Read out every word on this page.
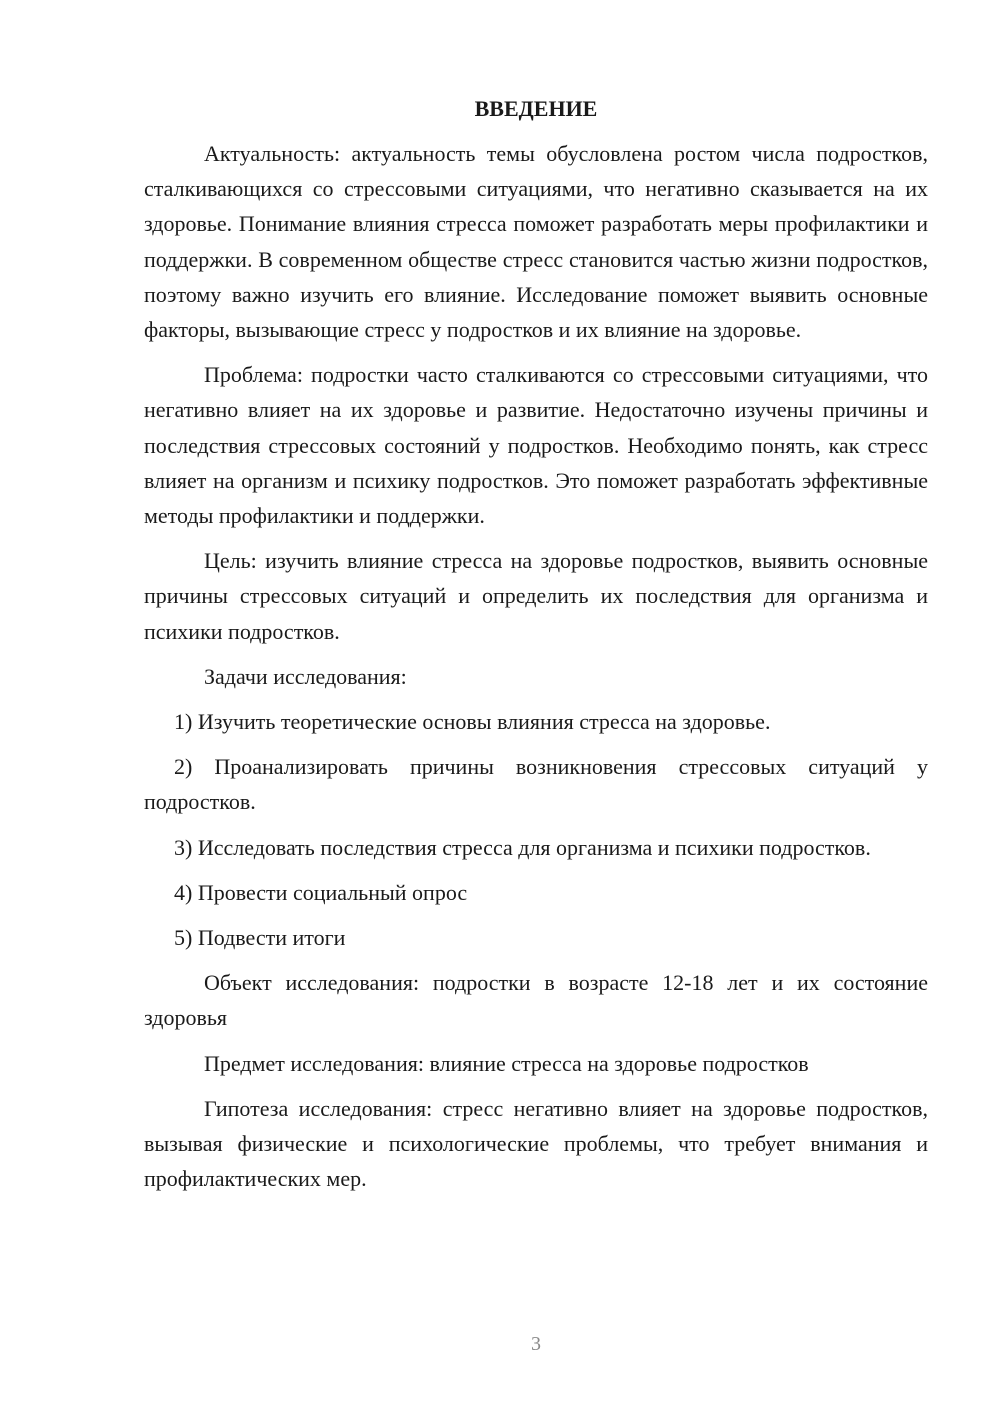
ВВЕДЕНИЕ

Актуальность: актуальность темы обусловлена ростом числа подростков, сталкивающихся со стрессовыми ситуациями, что негативно сказывается на их здоровье. Понимание влияния стресса поможет разработать меры профилактики и поддержки. В современном обществе стресс становится частью жизни подростков, поэтому важно изучить его влияние. Исследование поможет выявить основные факторы, вызывающие стресс у подростков и их влияние на здоровье.

Проблема: подростки часто сталкиваются со стрессовыми ситуациями, что негативно влияет на их здоровье и развитие. Недостаточно изучены причины и последствия стрессовых состояний у подростков. Необходимо понять, как стресс влияет на организм и психику подростков. Это поможет разработать эффективные методы профилактики и поддержки.

Цель: изучить влияние стресса на здоровье подростков, выявить основные причины стрессовых ситуаций и определить их последствия для организма и психики подростков.

Задачи исследования:

1) Изучить теоретические основы влияния стресса на здоровье.

2) Проанализировать причины возникновения стрессовых ситуаций у подростков.

3) Исследовать последствия стресса для организма и психики подростков.

4) Провести социальный опрос

5) Подвести итоги

Объект исследования: подростки в возрасте 12-18 лет и их состояние здоровья

Предмет исследования: влияние стресса на здоровье подростков

Гипотеза исследования: стресс негативно влияет на здоровье подростков, вызывая физические и психологические проблемы, что требует внимания и профилактических мер.

3
